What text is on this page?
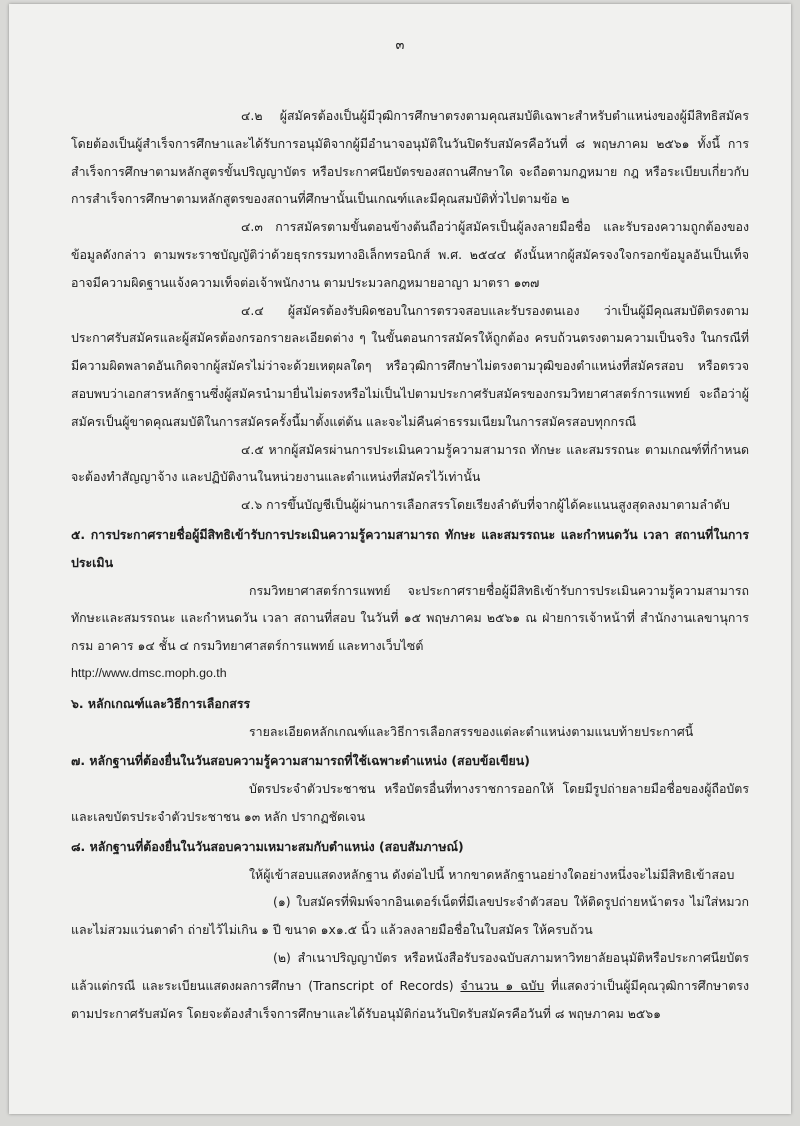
๓

๔.๒ ผู้สมัครต้องเป็นผู้มีวุฒิการศึกษาตรงตามคุณสมบัติเฉพาะสำหรับตำแหน่งของผู้มีสิทธิสมัคร โดยต้องเป็นผู้สำเร็จการศึกษาและได้รับการอนุมัติจากผู้มีอำนาจอนุมัติในวันปิดรับสมัครคือวันที่ ๘ พฤษภาคม ๒๕๖๑ ทั้งนี้ การสำเร็จการศึกษาตามหลักสูตรขั้นปริญญาบัตร หรือประกาศนียบัตรของสถานศึกษาใด จะถือตามกฎหมาย กฎ หรือระเบียบเกี่ยวกับการสำเร็จการศึกษาตามหลักสูตรของสถานที่ศึกษานั้นเป็นเกณฑ์และมีคุณสมบัติทั่วไปตามข้อ ๒

๔.๓ การสมัครตามขั้นตอนข้างต้นถือว่าผู้สมัครเป็นผู้ลงลายมือชื่อ และรับรองความถูกต้องของข้อมูลดังกล่าว ตามพระราชบัญญัติว่าด้วยธุรกรรมทางอิเล็กทรอนิกส์ พ.ศ. ๒๕๔๔ ดังนั้นหากผู้สมัครจงใจกรอกข้อมูลอันเป็นเท็จ อาจมีความผิดฐานแจ้งความเท็จต่อเจ้าพนักงาน ตามประมวลกฎหมายอาญา มาตรา ๑๓๗

๔.๔ ผู้สมัครต้องรับผิดชอบในการตรวจสอบและรับรองตนเอง ว่าเป็นผู้มีคุณสมบัติตรงตามประกาศรับสมัครและผู้สมัครต้องกรอกรายละเอียดต่าง ๆ ในขั้นตอนการสมัครให้ถูกต้อง ครบถ้วนตรงตามความเป็นจริง ในกรณีที่มีความผิดพลาดอันเกิดจากผู้สมัครไม่ว่าจะด้วยเหตุผลใดๆ หรือวุฒิการศึกษาไม่ตรงตามวุฒิของตำแหน่งที่สมัครสอบ หรือตรวจสอบพบว่าเอกสารหลักฐานซึ่งผู้สมัครนำมายื่นไม่ตรงหรือไม่เป็นไปตามประกาศรับสมัครของกรมวิทยาศาสตร์การแพทย์ จะถือว่าผู้สมัครเป็นผู้ขาดคุณสมบัติในการสมัครครั้งนี้มาตั้งแต่ต้น และจะไม่คืนค่าธรรมเนียมในการสมัครสอบทุกกรณี

๔.๕ หากผู้สมัครผ่านการประเมินความรู้ความสามารถ ทักษะ และสมรรถนะ ตามเกณฑ์ที่กำหนดจะต้องทำสัญญาจ้าง และปฏิบัติงานในหน่วยงานและตำแหน่งที่สมัครไว้เท่านั้น

๔.๖ การขึ้นบัญชีเป็นผู้ผ่านการเลือกสรรโดยเรียงลำดับที่จากผู้ได้คะแนนสูงสุดลงมาตามลำดับ

๕. การประกาศรายชื่อผู้มีสิทธิเข้ารับการประเมินความรู้ความสามารถ ทักษะ และสมรรถนะ และกำหนดวัน เวลา สถานที่ในการประเมิน

กรมวิทยาศาสตร์การแพทย์ จะประกาศรายชื่อผู้มีสิทธิเข้ารับการประเมินความรู้ความสามารถ ทักษะและสมรรถนะ และกำหนดวัน เวลา สถานที่สอบ ในวันที่ ๑๕ พฤษภาคม ๒๕๖๑ ณ ฝ่ายการเจ้าหน้าที่ สำนักงานเลขานุการกรม อาคาร ๑๔ ชั้น ๔ กรมวิทยาศาสตร์การแพทย์ และทางเว็บไซต์

http://www.dmsc.moph.go.th

๖. หลักเกณฑ์และวิธีการเลือกสรร

รายละเอียดหลักเกณฑ์และวิธีการเลือกสรรของแต่ละตำแหน่งตามแนบท้ายประกาศนี้

๗. หลักฐานที่ต้องยื่นในวันสอบความรู้ความสามารถที่ใช้เฉพาะตำแหน่ง (สอบข้อเขียน)

บัตรประจำตัวประชาชน หรือบัตรอื่นที่ทางราชการออกให้ โดยมีรูปถ่ายลายมือชื่อของผู้ถือบัตรและเลขบัตรประจำตัวประชาชน ๑๓ หลัก ปรากฏชัดเจน

๘. หลักฐานที่ต้องยื่นในวันสอบความเหมาะสมกับตำแหน่ง (สอบสัมภาษณ์)

ให้ผู้เข้าสอบแสดงหลักฐาน ดังต่อไปนี้ หากขาดหลักฐานอย่างใดอย่างหนึ่งจะไม่มีสิทธิเข้าสอบ

(๑) ใบสมัครที่พิมพ์จากอินเตอร์เน็ตที่มีเลขประจำตัวสอบ ให้ติดรูปถ่ายหน้าตรง ไม่ใส่หมวกและไม่สวมแว่นตาดำ ถ่ายไว้ไม่เกิน ๑ ปี ขนาด ๑x๑.๕ นิ้ว แล้วลงลายมือชื่อในใบสมัคร ให้ครบถ้วน

(๒) สำเนาปริญญาบัตร หรือหนังสือรับรองฉบับสภามหาวิทยาลัยอนุมัติหรือประกาศนียบัตร แล้วแต่กรณี และระเบียนแสดงผลการศึกษา (Transcript of Records) จำนวน ๑ ฉบับ ที่แสดงว่าเป็นผู้มีคุณวุฒิการศึกษาตรงตามประกาศรับสมัคร โดยจะต้องสำเร็จการศึกษาและได้รับอนุมัติก่อนวันปิดรับสมัครคือวันที่ ๘ พฤษภาคม ๒๕๖๑
